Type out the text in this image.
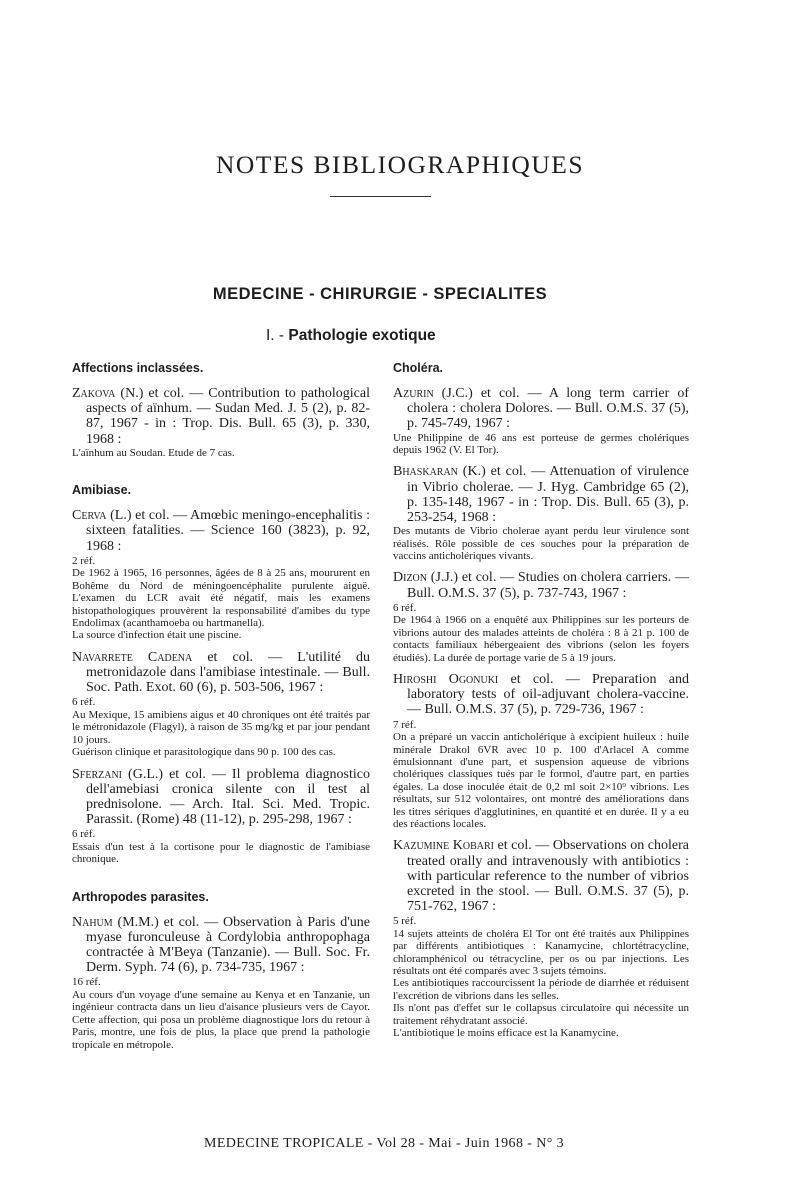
NOTES BIBLIOGRAPHIQUES
MEDECINE - CHIRURGIE - SPECIALITES
I. - Pathologie exotique
Affections inclassées.
Zakova (N.) et col. — Contribution to pathological aspects of aïnhum. — Sudan Med. J. 5 (2), p. 82-87, 1967 - in : Trop. Dis. Bull. 65 (3), p. 330, 1968 :
L'aïnhum au Soudan. Etude de 7 cas.
Amibiase.
Cerva (L.) et col. — Amœbic meningo-encephalitis : sixteen fatalities. — Science 160 (3823), p. 92, 1968 :
2 réf.
De 1962 à 1965, 16 personnes, âgées de 8 à 25 ans, moururent en Bohême du Nord de méningoencéphalite purulente aiguë. L'examen du LCR avait été négatif, mais les examens histopathologiques prouvèrent la responsabilité d'amibes du type Endolimax (acanthamoeba ou hartmanella).
La source d'infection était une piscine.
Navarrete Cadena et col. — L'utilité du metronidazole dans l'amibiase intestinale. — Bull. Soc. Path. Exot. 60 (6), p. 503-506, 1967 :
6 réf.
Au Mexique, 15 amibiens aigus et 40 chroniques ont été traités par le métronidazole (Flagyl), à raison de 35 mg/kg et par jour pendant 10 jours.
Guérison clinique et parasitologique dans 90 p. 100 des cas.
Sferzani (G.L.) et col. — Il problema diagnostico dell'amebiasi cronica silente con il test al prednisolone. — Arch. Ital. Sci. Med. Tropic. Parassit. (Rome) 48 (11-12), p. 295-298, 1967 :
6 réf.
Essais d'un test à la cortisone pour le diagnostic de l'amibiase chronique.
Arthropodes parasites.
Nahum (M.M.) et col. — Observation à Paris d'une myase furonculeuse à Cordylobia anthropophaga contractée à M'Beya (Tanzanie). — Bull. Soc. Fr. Derm. Syph. 74 (6), p. 734-735, 1967 :
16 réf.
Au cours d'un voyage d'une semaine au Kenya et en Tanzanie, un ingénieur contracta dans un lieu d'aisance plusieurs vers de Cayor. Cette affection, qui posa un problème diagnostique lors du retour à Paris, montre, une fois de plus, la place que prend la pathologie tropicale en métropole.
Choléra.
Azurin (J.C.) et col. — A long term carrier of cholera : cholera Dolores. — Bull. O.M.S. 37 (5), p. 745-749, 1967 :
Une Philippine de 46 ans est porteuse de germes cholériques depuis 1962 (V. El Tor).
Bhaskaran (K.) et col. — Attenuation of virulence in Vibrio cholerae. — J. Hyg. Cambridge 65 (2), p. 135-148, 1967 - in : Trop. Dis. Bull. 65 (3), p. 253-254, 1968 :
Des mutants de Vibrio cholerae ayant perdu leur virulence sont réalisés. Rôle possible de ces souches pour la préparation de vaccins anticholériques vivants.
Dizon (J.J.) et col. — Studies on cholera carriers. — Bull. O.M.S. 37 (5), p. 737-743, 1967 :
6 réf.
De 1964 à 1966 on a enquêté aux Philippines sur les porteurs de vibrions autour des malades atteints de choléra : 8 à 21 p. 100 de contacts familiaux hébergeaient des vibrions (selon les foyers étudiés). La durée de portage varie de 5 à 19 jours.
Hiroshi Ogonuki et col. — Preparation and laboratory tests of oil-adjuvant cholera-vaccine. — Bull. O.M.S. 37 (5), p. 729-736, 1967 :
7 réf.
On a préparé un vaccin anticholérique à excipient huileux : huile minérale Drakol 6VR avec 10 p. 100 d'Arlacel A comme émulsionnant d'une part, et suspension aqueuse de vibrions cholériques classiques tués par le formol, d'autre part, en parties égales. La dose inoculée était de 0,2 ml soit 2×10⁹ vibrions. Les résultats, sur 512 volontaires, ont montré des améliorations dans les titres sériques d'agglutinines, en quantité et en durée. Il y a eu des réactions locales.
Kazumine Kobari et col. — Observations on cholera treated orally and intravenously with antibiotics : with particular reference to the number of vibrios excreted in the stool. — Bull. O.M.S. 37 (5), p. 751-762, 1967 :
5 réf.
14 sujets atteints de choléra El Tor ont été traités aux Philippines par différents antibiotiques : Kanamycine, chlortétracycline, chloramphénicol ou tétracycline, per os ou par injections. Les résultats ont été comparés avec 3 sujets témoins.
Les antibiotiques raccourcissent la période de diarrhée et réduisent l'excrétion de vibrions dans les selles.
Ils n'ont pas d'effet sur le collapsus circulatoire qui nécessite un traitement réhydratant associé.
L'antibiotique le moins efficace est la Kanamycine.
MEDECINE TROPICALE - Vol 28 - Mai - Juin 1968 - N° 3
